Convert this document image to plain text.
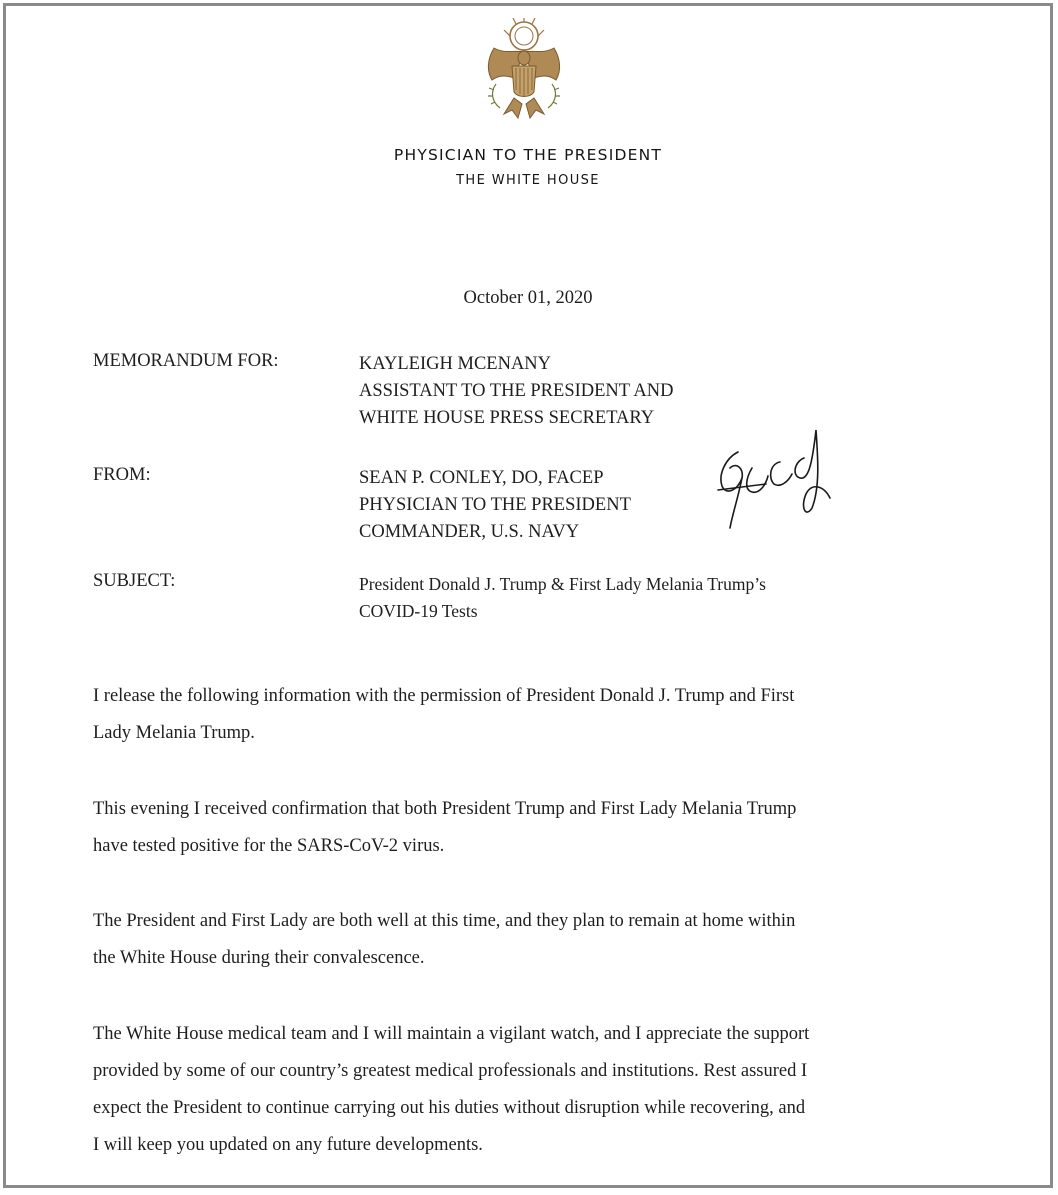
PHYSICIAN TO THE PRESIDENT
THE WHITE HOUSE
October 01, 2020
MEMORANDUM FOR:	KAYLEIGH MCENANY
ASSISTANT TO THE PRESIDENT AND
WHITE HOUSE PRESS SECRETARY
FROM:	SEAN P. CONLEY, DO, FACEP
PHYSICIAN TO THE PRESIDENT
COMMANDER, U.S. NAVY
SUBJECT:	President Donald J. Trump & First Lady Melania Trump’s
COVID-19 Tests
I release the following information with the permission of President Donald J. Trump and First
Lady Melania Trump.
This evening I received confirmation that both President Trump and First Lady Melania Trump
have tested positive for the SARS-CoV-2 virus.
The President and First Lady are both well at this time, and they plan to remain at home within
the White House during their convalescence.
The White House medical team and I will maintain a vigilant watch, and I appreciate the support
provided by some of our country’s greatest medical professionals and institutions. Rest assured I
expect the President to continue carrying out his duties without disruption while recovering, and
I will keep you updated on any future developments.
